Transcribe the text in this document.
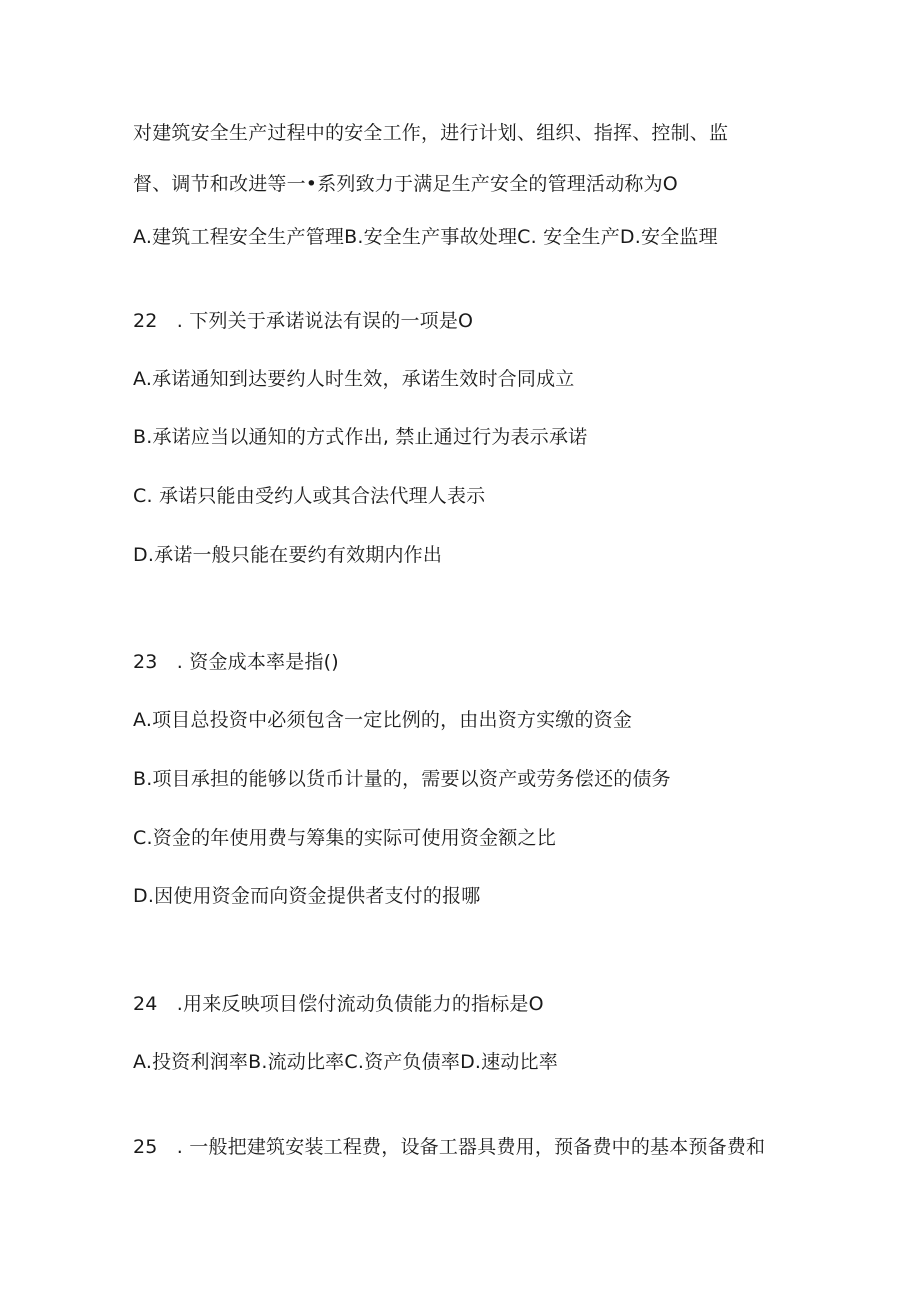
对建筑安全生产过程中的安全工作，进行计划、组织、指挥、控制、监
督、调节和改进等一•系列致力于满足生产安全的管理活动称为O
A.建筑工程安全生产管理B.安全生产事故处理C. 安全生产D.安全监理
22　. 下列关于承诺说法有误的一项是O
A.承诺通知到达要约人时生效，承诺生效时合同成立
B.承诺应当以通知的方式作出, 禁止通过行为表示承诺
C. 承诺只能由受约人或其合法代理人表示
D.承诺一般只能在要约有效期内作出
23　. 资金成本率是指()
A.项目总投资中必须包含一定比例的，由出资方实缴的资金
B.项目承担的能够以货币计量的，需要以资产或劳务偿还的债务
C.资金的年使用费与筹集的实际可使用资金额之比
D.因使用资金而向资金提供者支付的报哪
24　.用来反映项目偿付流动负债能力的指标是O
A.投资利润率B.流动比率C.资产负债率D.速动比率
25　. 一般把建筑安装工程费，设备工器具费用，预备费中的基本预备费和
